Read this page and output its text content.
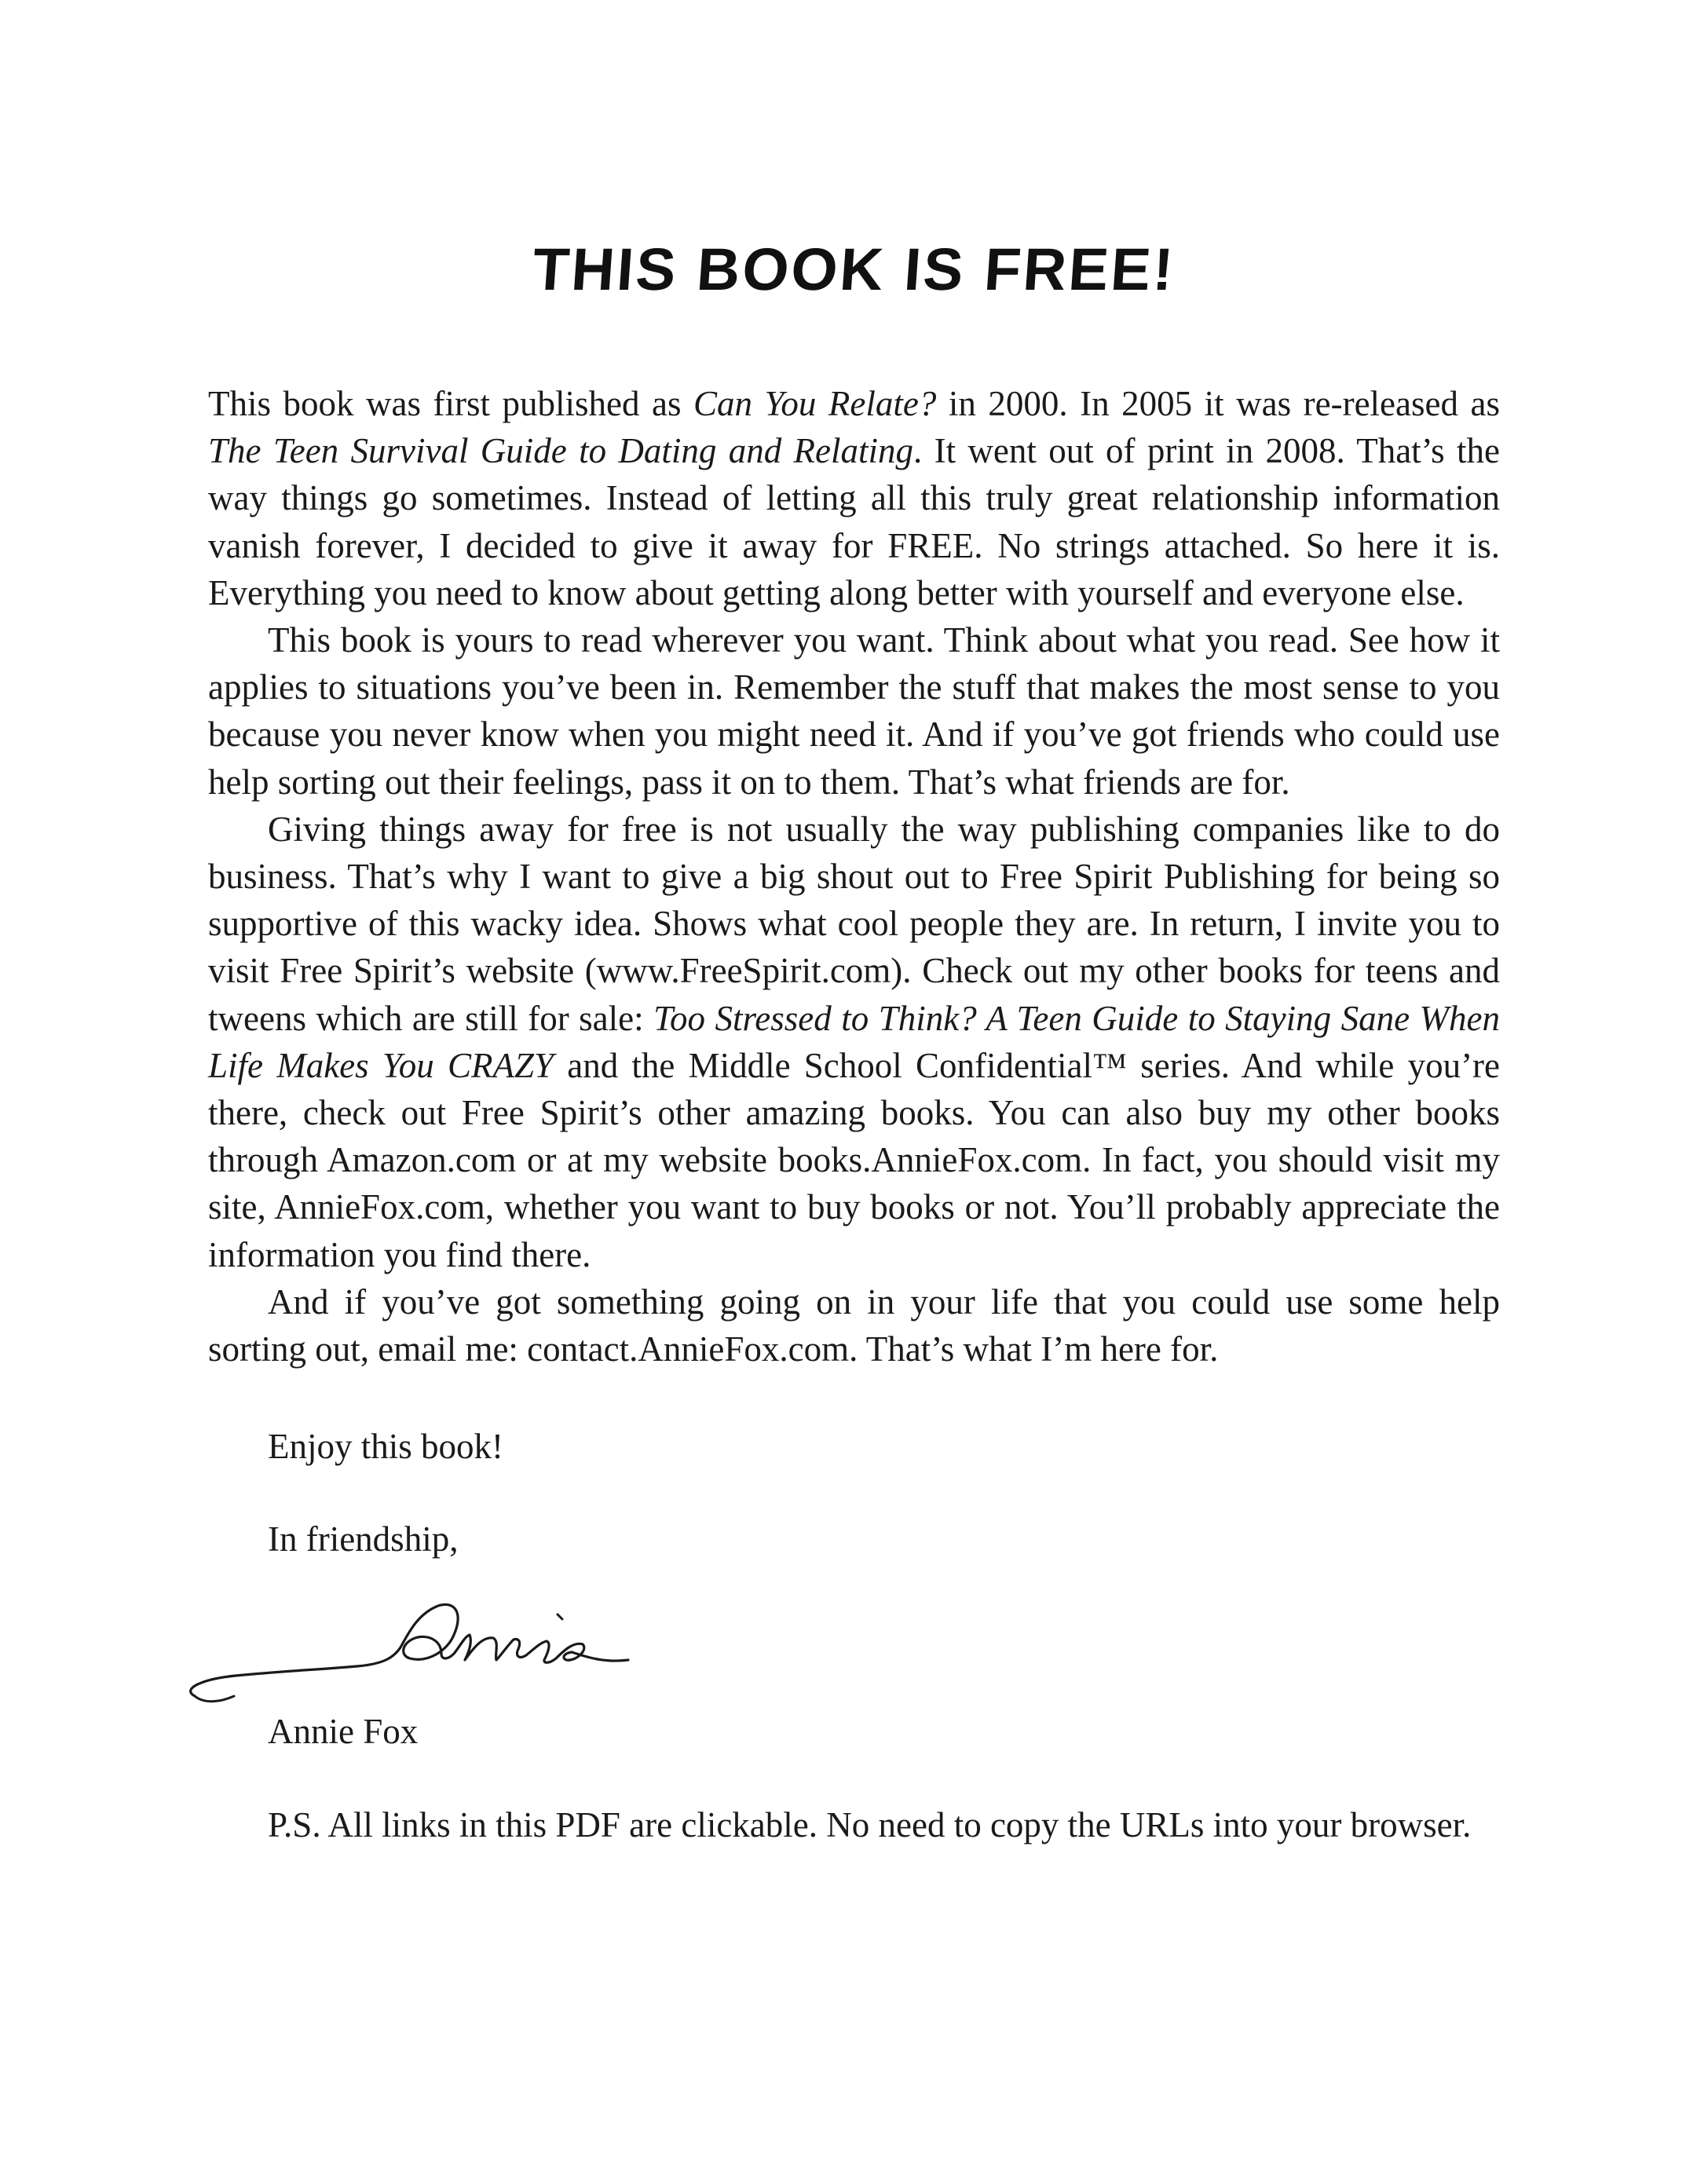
THIS BOOK IS FREE!

This book was first published as Can You Relate? in 2000. In 2005 it was re-released as The Teen Survival Guide to Dating and Relating. It went out of print in 2008. That’s the way things go sometimes. Instead of letting all this truly great relationship information vanish forever, I decided to give it away for FREE. No strings attached. So here it is. Everything you need to know about getting along better with yourself and everyone else.

This book is yours to read wherever you want. Think about what you read. See how it applies to situations you’ve been in. Remember the stuff that makes the most sense to you because you never know when you might need it. And if you’ve got friends who could use help sorting out their feelings, pass it on to them. That’s what friends are for.

Giving things away for free is not usually the way publishing companies like to do business. That’s why I want to give a big shout out to Free Spirit Publishing for being so supportive of this wacky idea. Shows what cool people they are. In return, I invite you to visit Free Spirit’s website (www.FreeSpirit.com). Check out my other books for teens and tweens which are still for sale: Too Stressed to Think? A Teen Guide to Staying Sane When Life Makes You CRAZY and the Middle School Confidential™ series. And while you’re there, check out Free Spirit’s other amazing books. You can also buy my other books through Amazon.com or at my website books.AnnieFox.com. In fact, you should visit my site, AnnieFox.com, whether you want to buy books or not. You’ll probably appreciate the information you find there.

And if you’ve got something going on in your life that you could use some help sorting out, email me: contact.AnnieFox.com. That’s what I’m here for.

Enjoy this book!
In friendship,
Annie Fox
P.S. All links in this PDF are clickable. No need to copy the URLs into your browser.
